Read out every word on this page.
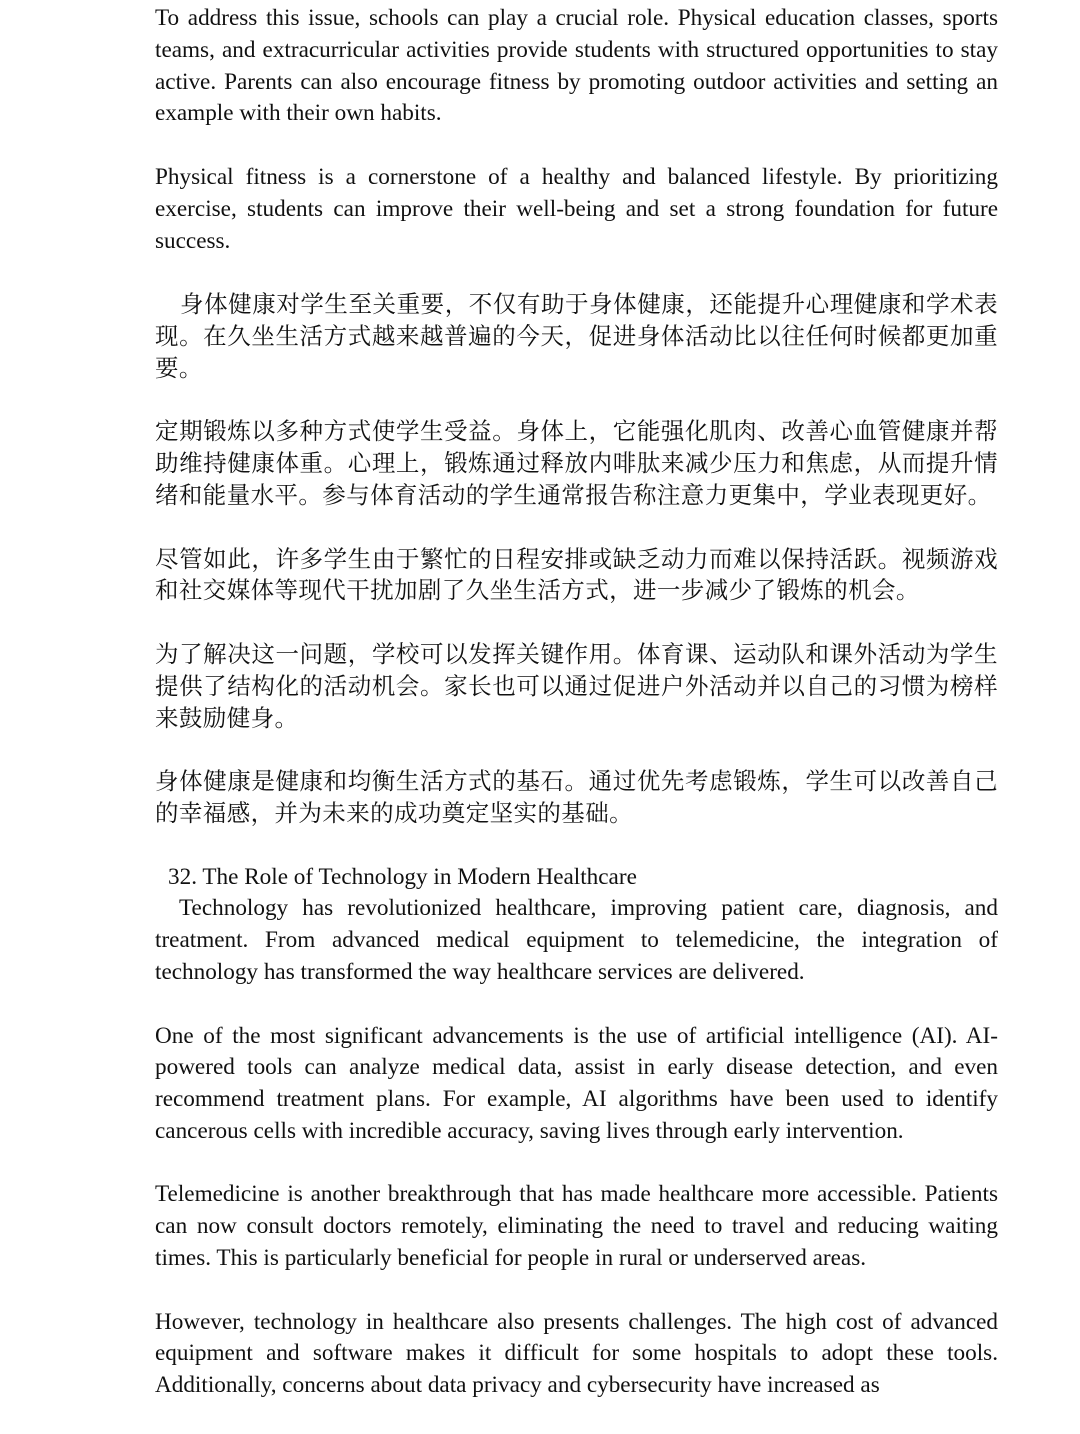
To address this issue, schools can play a crucial role. Physical education classes, sports teams, and extracurricular activities provide students with structured opportunities to stay active. Parents can also encourage fitness by promoting outdoor activities and setting an example with their own habits.

Physical fitness is a cornerstone of a healthy and balanced lifestyle. By prioritizing exercise, students can improve their well-being and set a strong foundation for future success.

身体健康对学生至关重要，不仅有助于身体健康，还能提升心理健康和学术表现。在久坐生活方式越来越普遍的今天，促进身体活动比以往任何时候都更加重要。

定期锻炼以多种方式使学生受益。身体上，它能强化肌肉、改善心血管健康并帮助维持健康体重。心理上，锻炼通过释放内啡肽来减少压力和焦虑，从而提升情绪和能量水平。参与体育活动的学生通常报告称注意力更集中，学业表现更好。

尽管如此，许多学生由于繁忙的日程安排或缺乏动力而难以保持活跃。视频游戏和社交媒体等现代干扰加剧了久坐生活方式，进一步减少了锻炼的机会。

为了解决这一问题，学校可以发挥关键作用。体育课、运动队和课外活动为学生提供了结构化的活动机会。家长也可以通过促进户外活动并以自己的习惯为榜样来鼓励健身。

身体健康是健康和均衡生活方式的基石。通过优先考虑锻炼，学生可以改善自己的幸福感，并为未来的成功奠定坚实的基础。

32. The Role of Technology in Modern Healthcare

Technology has revolutionized healthcare, improving patient care, diagnosis, and treatment. From advanced medical equipment to telemedicine, the integration of technology has transformed the way healthcare services are delivered.

One of the most significant advancements is the use of artificial intelligence (AI). AI-powered tools can analyze medical data, assist in early disease detection, and even recommend treatment plans. For example, AI algorithms have been used to identify cancerous cells with incredible accuracy, saving lives through early intervention.

Telemedicine is another breakthrough that has made healthcare more accessible. Patients can now consult doctors remotely, eliminating the need to travel and reducing waiting times. This is particularly beneficial for people in rural or underserved areas.

However, technology in healthcare also presents challenges. The high cost of advanced equipment and software makes it difficult for some hospitals to adopt these tools. Additionally, concerns about data privacy and cybersecurity have increased as
